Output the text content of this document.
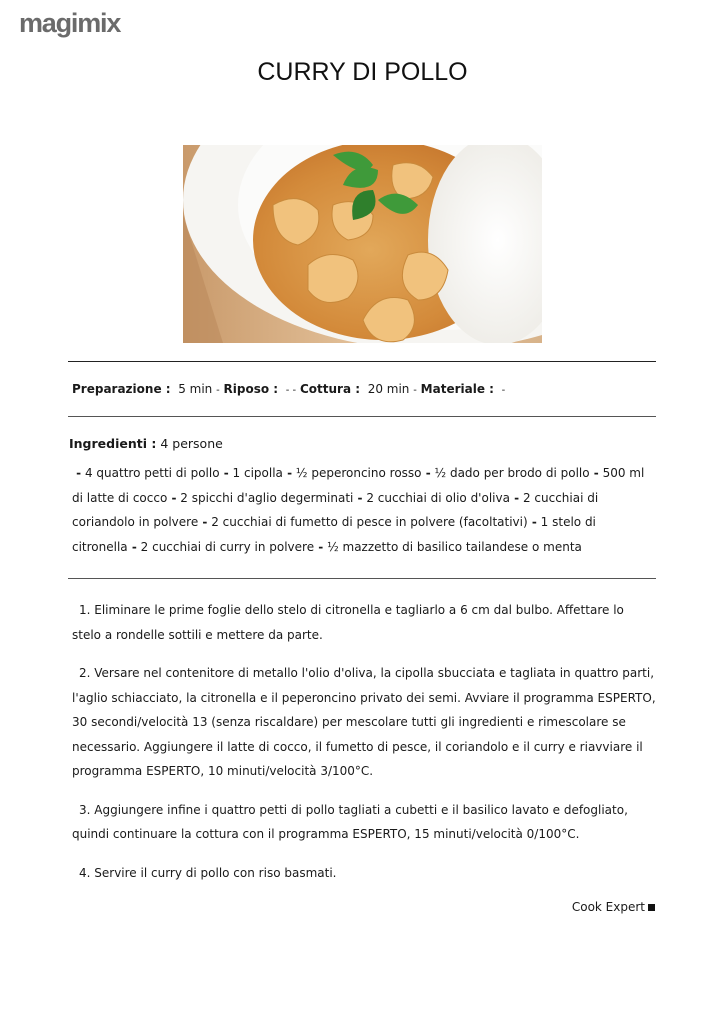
magimix
CURRY DI POLLO
Preparazione : 5 min - Riposo : - - Cottura : 20 min - Materiale : -
Ingredienti : 4 persone
- 4 quattro petti di pollo - 1 cipolla - ½ peperoncino rosso - ½ dado per brodo di pollo - 500 ml di latte di cocco - 2 spicchi d'aglio degerminati - 2 cucchiai di olio d'oliva - 2 cucchiai di coriandolo in polvere - 2 cucchiai di fumetto di pesce in polvere (facoltativi) - 1 stelo di citronella - 2 cucchiai di curry in polvere - ½ mazzetto di basilico tailandese o menta
1. Eliminare le prime foglie dello stelo di citronella e tagliarlo a 6 cm dal bulbo. Affettare lo stelo a rondelle sottili e mettere da parte.
2. Versare nel contenitore di metallo l'olio d'oliva, la cipolla sbucciata e tagliata in quattro parti, l'aglio schiacciato, la citronella e il peperoncino privato dei semi. Avviare il programma ESPERTO, 30 secondi/velocità 13 (senza riscaldare) per mescolare tutti gli ingredienti e rimescolare se necessario. Aggiungere il latte di cocco, il fumetto di pesce, il coriandolo e il curry e riavviare il programma ESPERTO, 10 minuti/velocità 3/100°C.
3. Aggiungere infine i quattro petti di pollo tagliati a cubetti e il basilico lavato e defogliato, quindi continuare la cottura con il programma ESPERTO, 15 minuti/velocità 0/100°C.
4. Servire il curry di pollo con riso basmati.
Cook Expert
